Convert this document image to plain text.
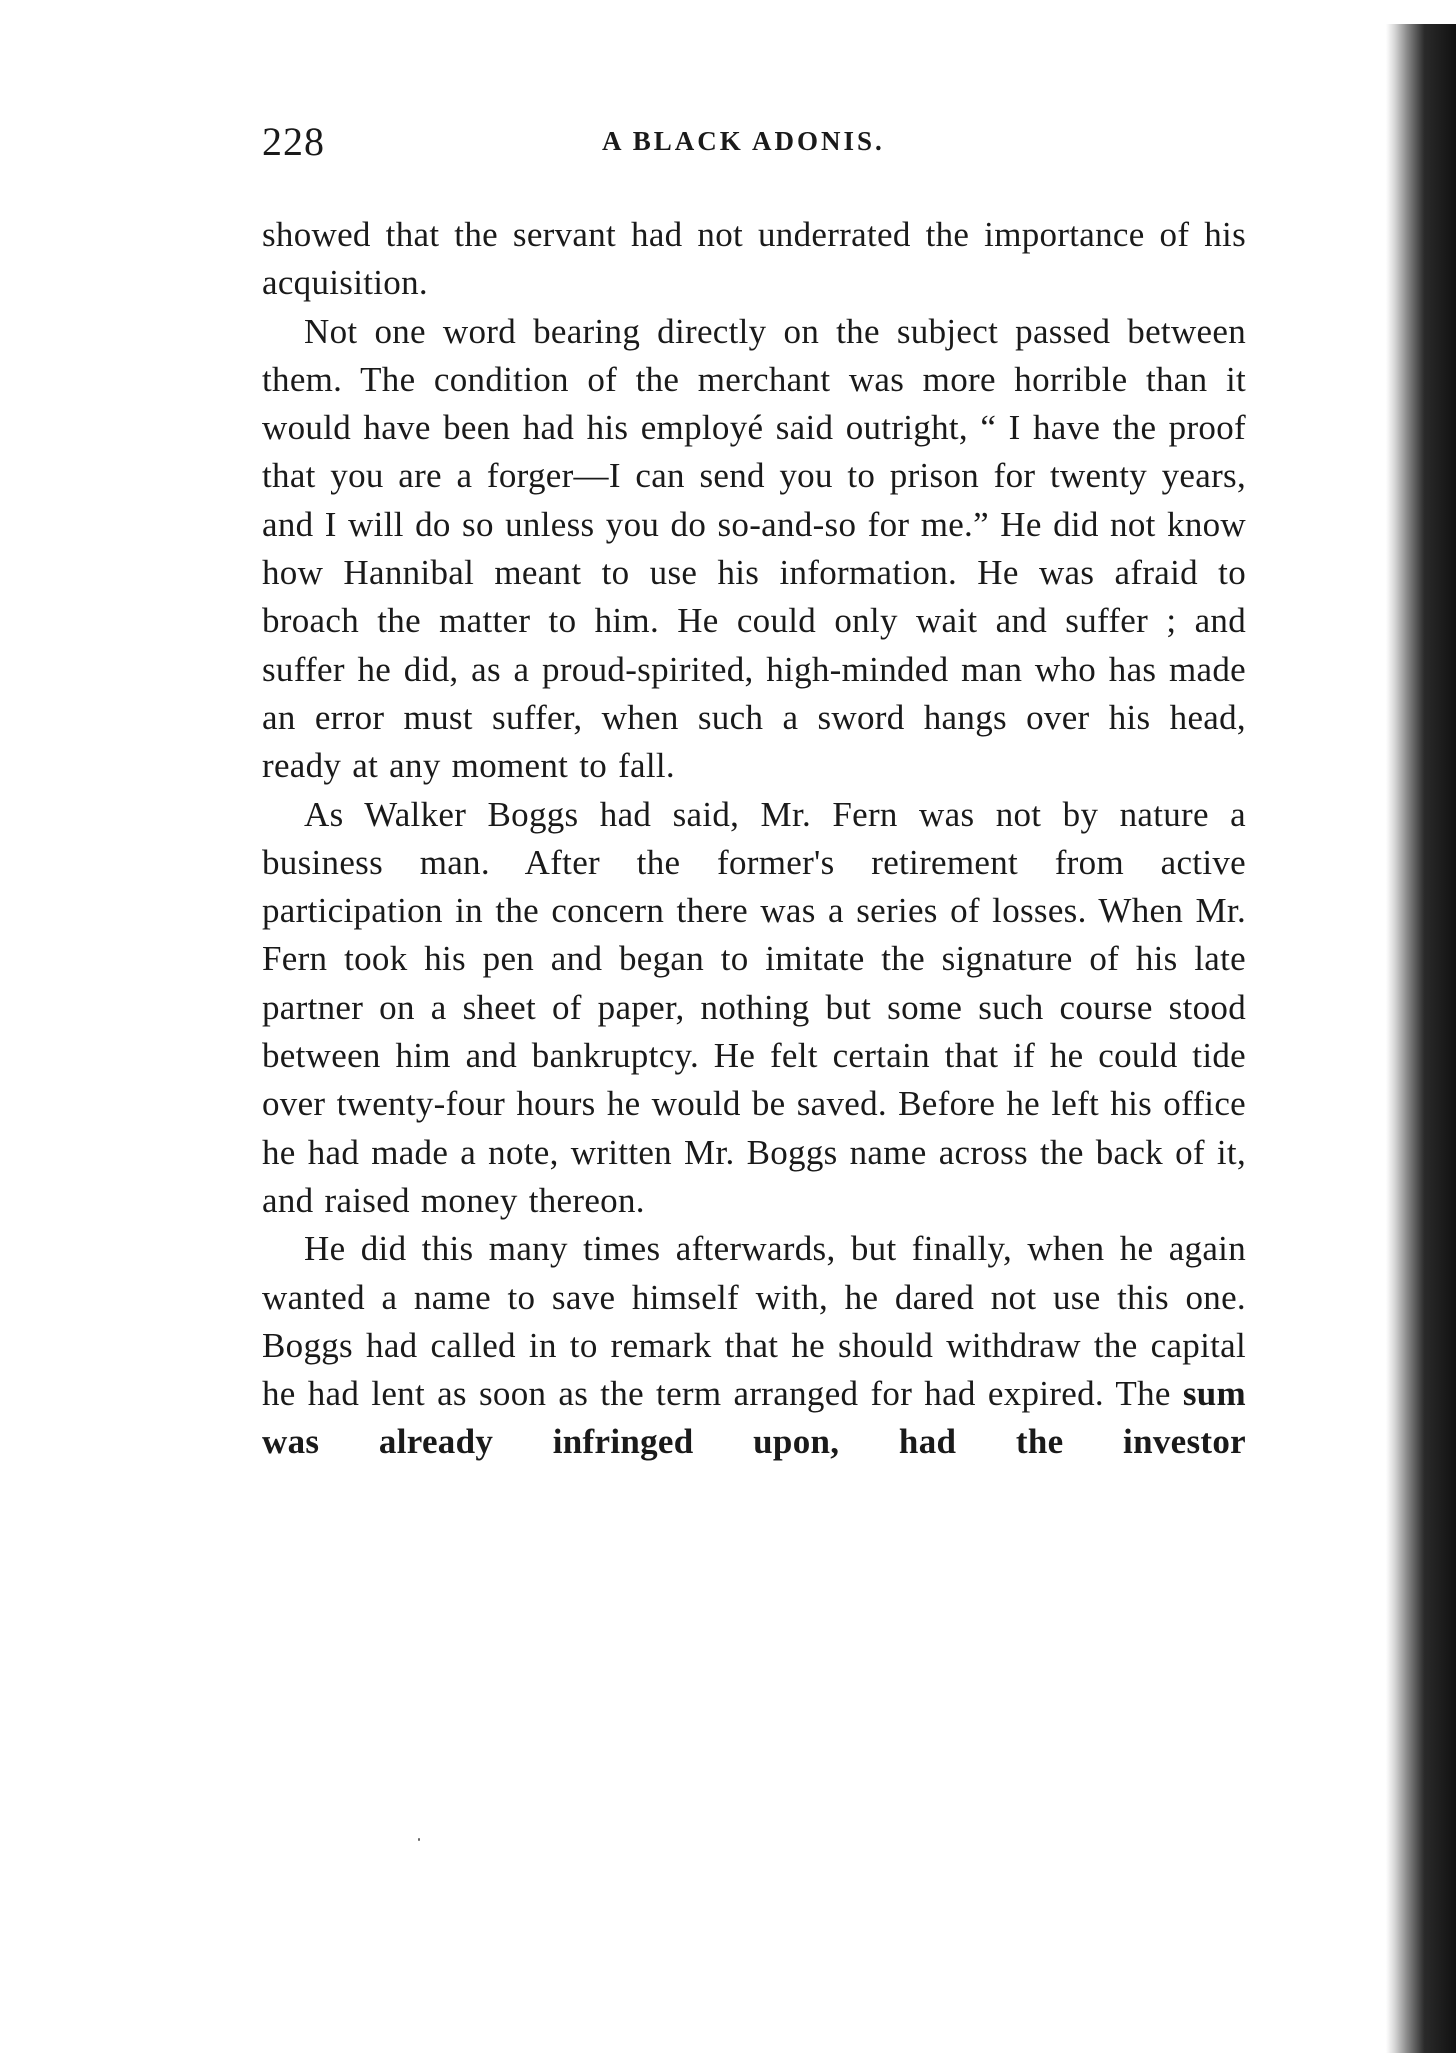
228	A BLACK ADONIS.

showed that the servant had not underrated the importance of his acquisition.

Not one word bearing directly on the subject passed between them. The condition of the merchant was more horrible than it would have been had his employé said outright, “ I have the proof that you are a forger—I can send you to prison for twenty years, and I will do so unless you do so-and-so for me.” He did not know how Hannibal meant to use his information. He was afraid to broach the matter to him. He could only wait and suffer ; and suffer he did, as a proud-spirited, high-minded man who has made an error must suffer, when such a sword hangs over his head, ready at any moment to fall.

As Walker Boggs had said, Mr. Fern was not by nature a business man. After the former's retirement from active participation in the concern there was a series of losses. When Mr. Fern took his pen and began to imitate the signature of his late partner on a sheet of paper, nothing but some such course stood between him and bankruptcy. He felt certain that if he could tide over twenty-four hours he would be saved. Before he left his office he had made a note, written Mr. Boggs name across the back of it, and raised money thereon.

He did this many times afterwards, but finally, when he again wanted a name to save himself with, he dared not use this one. Boggs had called in to remark that he should withdraw the capital he had lent as soon as the term arranged for had expired. The sum was already infringed upon, had the investor
